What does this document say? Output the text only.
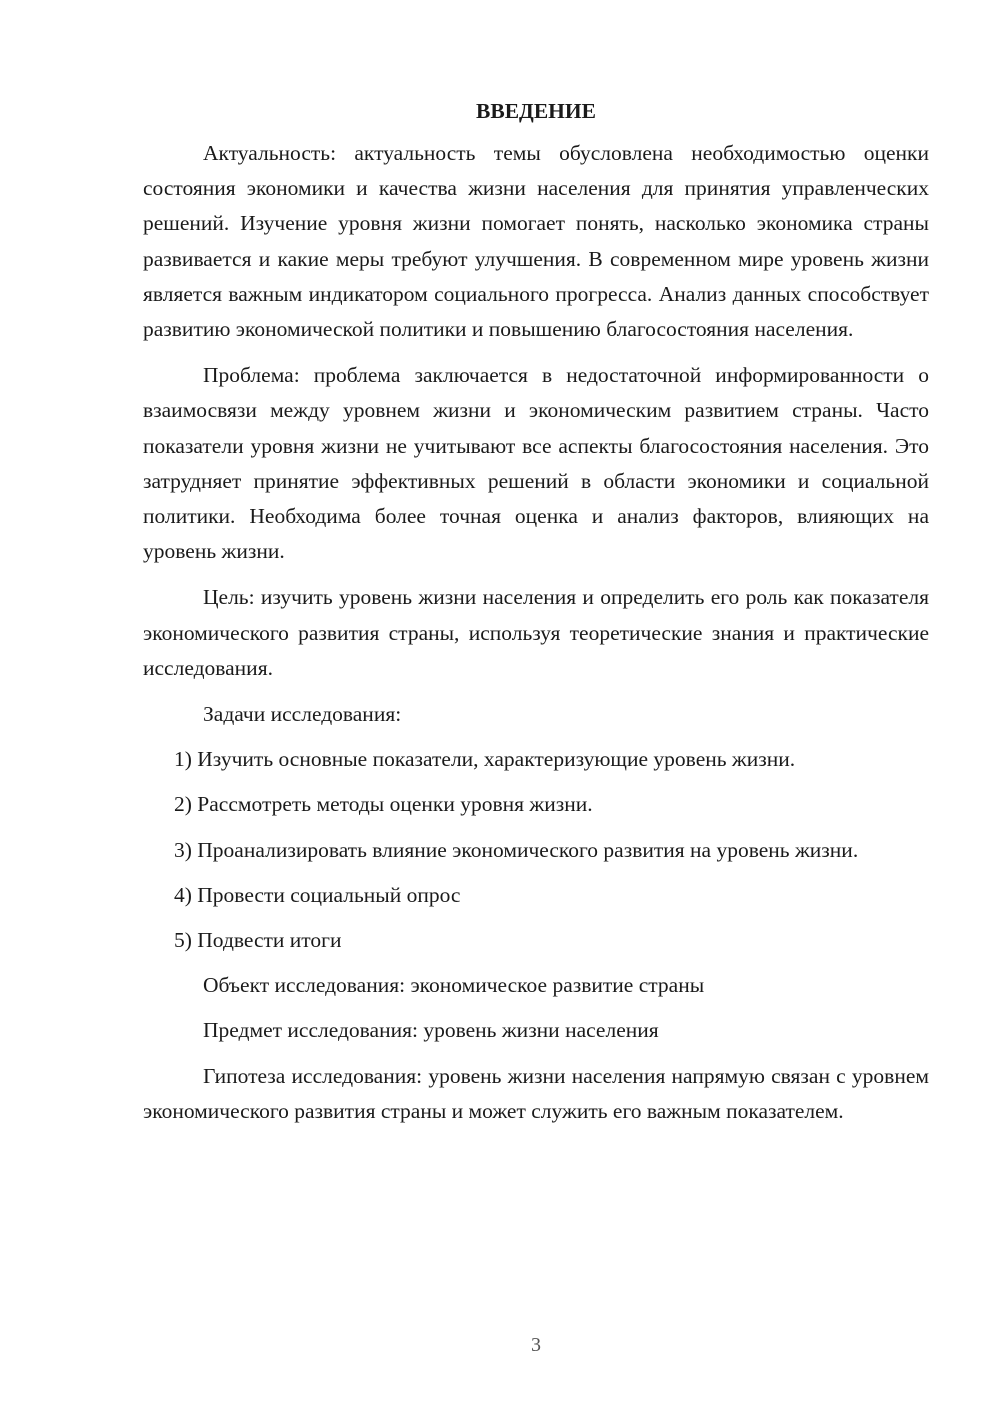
ВВЕДЕНИЕ

Актуальность: актуальность темы обусловлена необходимостью оценки состояния экономики и качества жизни населения для принятия управленческих решений. Изучение уровня жизни помогает понять, насколько экономика страны развивается и какие меры требуют улучшения. В современном мире уровень жизни является важным индикатором социального прогресса. Анализ данных способствует развитию экономической политики и повышению благосостояния населения.

Проблема: проблема заключается в недостаточной информированности о взаимосвязи между уровнем жизни и экономическим развитием страны. Часто показатели уровня жизни не учитывают все аспекты благосостояния населения. Это затрудняет принятие эффективных решений в области экономики и социальной политики. Необходима более точная оценка и анализ факторов, влияющих на уровень жизни.

Цель: изучить уровень жизни населения и определить его роль как показателя экономического развития страны, используя теоретические знания и практические исследования.

Задачи исследования:

1) Изучить основные показатели, характеризующие уровень жизни.

2) Рассмотреть методы оценки уровня жизни.

3) Проанализировать влияние экономического развития на уровень жизни.

4) Провести социальный опрос

5) Подвести итоги

Объект исследования: экономическое развитие страны

Предмет исследования: уровень жизни населения

Гипотеза исследования: уровень жизни населения напрямую связан с уровнем экономического развития страны и может служить его важным показателем.

3
